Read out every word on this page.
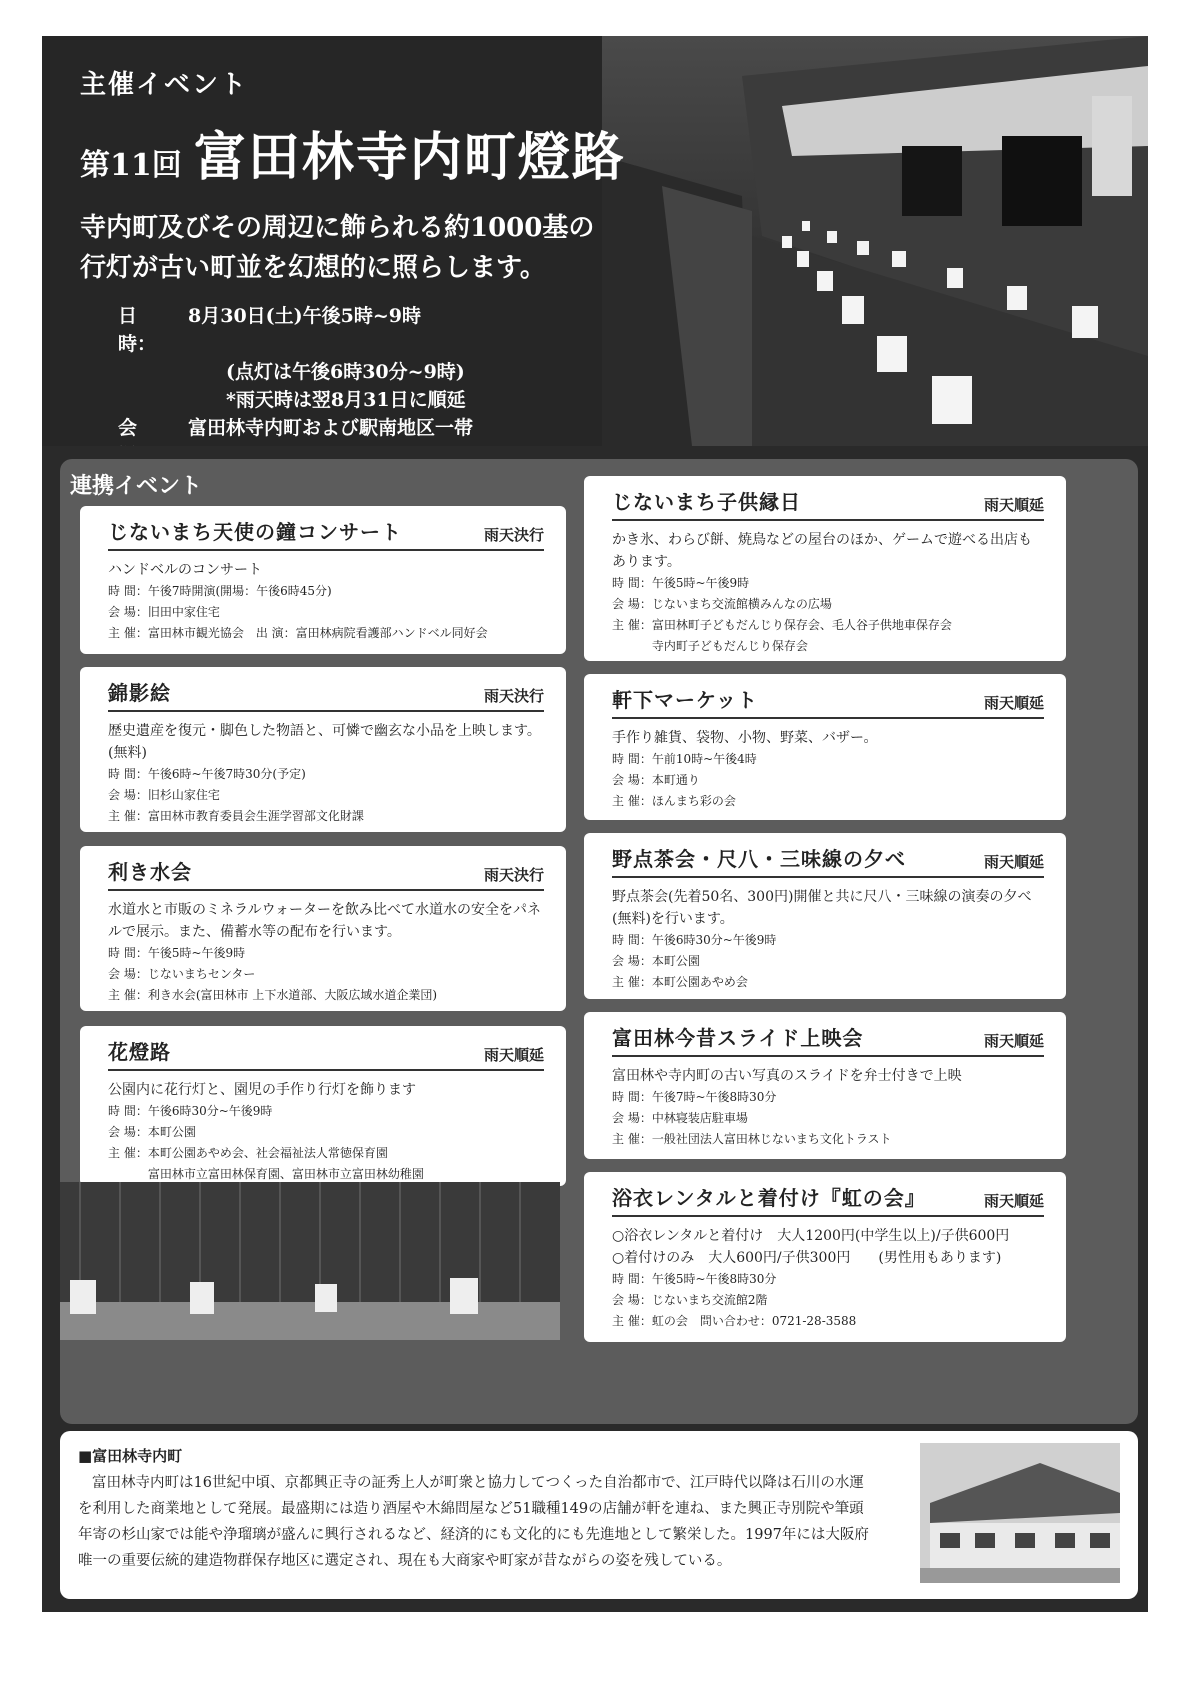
主催イベント
第11回 富田林寺内町燈路
寺内町及びその周辺に飾られる約1000基の
行灯が古い町並を幻想的に照らします。
日　時：
8月30日(土)午後5時~9時
(点灯は午後6時30分~9時)
*雨天時は翌8月31日に順延
会　	富田林寺内町および駅南地区一帯
連携イベント
じないまち天使の鐘コンサート	雨天決行
ハンドベルのコンサート
時 間： 午後7時開演(開場：午後6時45分)
会 場： 旧田中家住宅
主 催： 富田林市観光協会　出 演：富田林病院看護部ハンドベル同好会
錦影絵	雨天決行
歴史遺産を復元・脚色した物語と、可憐で幽玄な小品を上映します。(無料)
時 間： 午後6時~午後7時30分(予定)
会 場： 旧杉山家住宅
主 催： 富田林市教育委員会生涯学習部文化財課
利き水会	雨天決行
水道水と市販のミネラルウォーターを飲み比べて水道水の安全をパネルで展示。また、備蓄水等の配布を行います。
時 間： 午後5時~午後9時
会 場： じないまちセンター
主 催： 利き水会(富田林市 上下水道部、大阪広域水道企業団)
花燈路	雨天順延
公園内に花行灯と、園児の手作り行灯を飾ります
時 間： 午後6時30分~午後9時
会 場： 本町公園
主 催： 本町公園あやめ会、社会福祉法人常徳保育園
富田林市立富田林保育園、富田林市立富田林幼稚園
じないまち子供縁日	雨天順延
かき氷、わらび餅、焼鳥などの屋台のほか、ゲームで遊べる出店もあります。
時 間： 午後5時~午後9時
会 場： じないまち交流館横みんなの広場
主 催： 富田林町子どもだんじり保存会、毛人谷子供地車保存会
寺内町子どもだんじり保存会
軒下マーケット	雨天順延
手作り雑貨、袋物、小物、野菜、バザー。
時 間： 午前10時~午後4時
会 場： 本町通り
主 催： ほんまち彩の会
野点茶会・尺八・三味線の夕べ	雨天順延
野点茶会(先着50名、300円)開催と共に尺八・三味線の演奏の夕べ(無料)を行います。
時 間： 午後6時30分~午後9時
会 場： 本町公園
主 催： 本町公園あやめ会
富田林今昔スライド上映会	雨天順延
富田林や寺内町の古い写真のスライドを弁士付きで上映
時 間： 午後7時~午後8時30分
会 場： 中林寝装店駐車場
主 催： 一般社団法人富田林じないまち文化トラスト
浴衣レンタルと着付け『虹の会』	雨天順延
○浴衣レンタルと着付け　大人1200円(中学生以上)/子供600円
○着付けのみ　大人600円/子供300円　　(男性用もあります)
時 間： 午後5時~午後8時30分
会 場： じないまち交流館2階
主 催： 虹の会　問い合わせ：0721-28-3588
■富田林寺内町
富田林寺内町は16世紀中頃、京都興正寺の証秀上人が町衆と協力してつくった自治都市で、江戸時代以降は石川の水運を利用した商業地として発展。最盛期には造り酒屋や木綿問屋など51職種149の店舗が軒を連ね、また興正寺別院や筆頭年寄の杉山家では能や浄瑠璃が盛んに興行されるなど、経済的にも文化的にも先進地として繁栄した。1997年には大阪府唯一の重要伝統的建造物群保存地区に選定され、現在も大商家や町家が昔ながらの姿を残している。
